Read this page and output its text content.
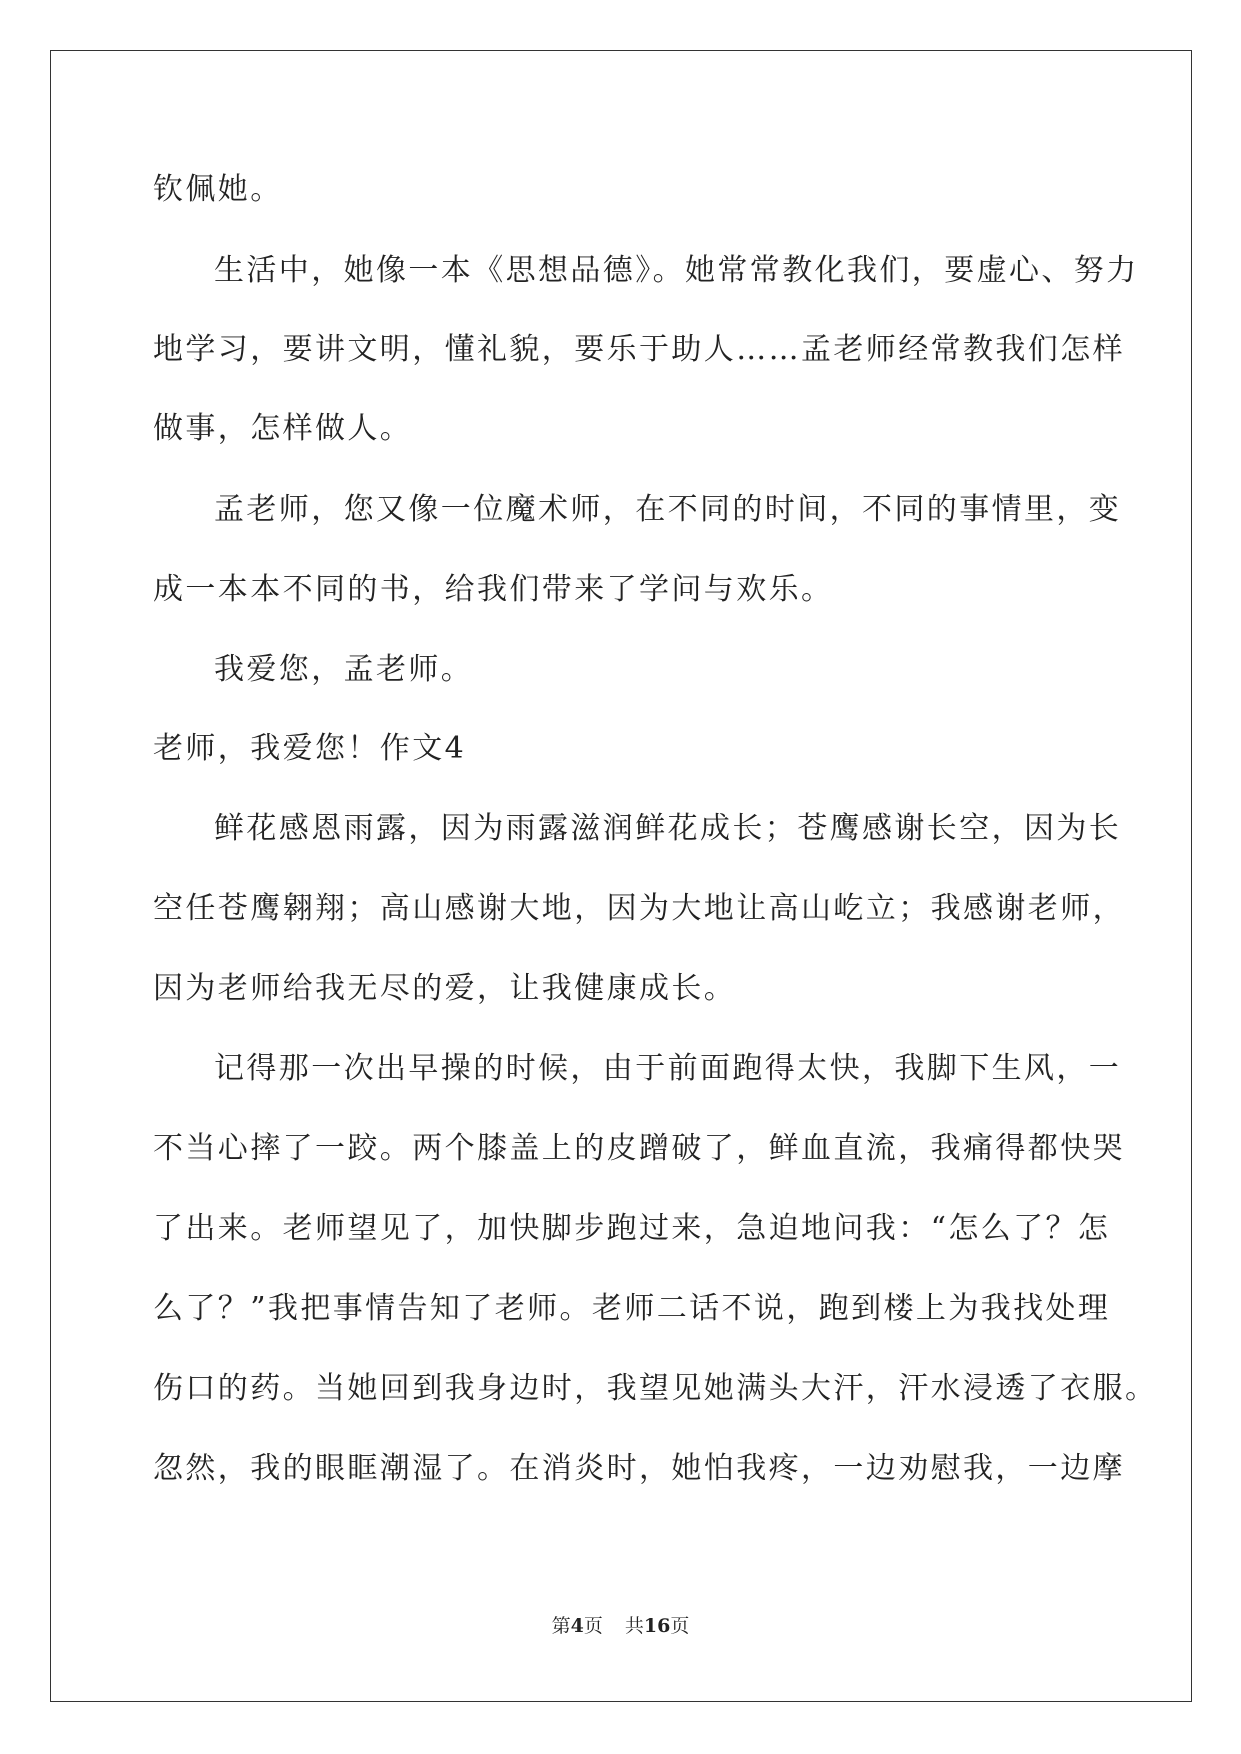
钦佩她。
生活中，她像一本《思想品德》。她常常教化我们，要虚心、努力
地学习，要讲文明，懂礼貌，要乐于助人……孟老师经常教我们怎样
做事，怎样做人。
孟老师，您又像一位魔术师，在不同的时间，不同的事情里，变
成一本本不同的书，给我们带来了学问与欢乐。
我爱您，孟老师。
老师，我爱您！作文4
鲜花感恩雨露，因为雨露滋润鲜花成长；苍鹰感谢长空，因为长
空任苍鹰翱翔；高山感谢大地，因为大地让高山屹立；我感谢老师，
因为老师给我无尽的爱，让我健康成长。
记得那一次出早操的时候，由于前面跑得太快，我脚下生风，一
不当心摔了一跤。两个膝盖上的皮蹭破了，鲜血直流，我痛得都快哭
了出来。老师望见了，加快脚步跑过来，急迫地问我：“怎么了？怎
么了？”我把事情告知了老师。老师二话不说，跑到楼上为我找处理
伤口的药。当她回到我身边时，我望见她满头大汗，汗水浸透了衣服。
忽然，我的眼眶潮湿了。在消炎时，她怕我疼，一边劝慰我，一边摩
第4页 共16页
